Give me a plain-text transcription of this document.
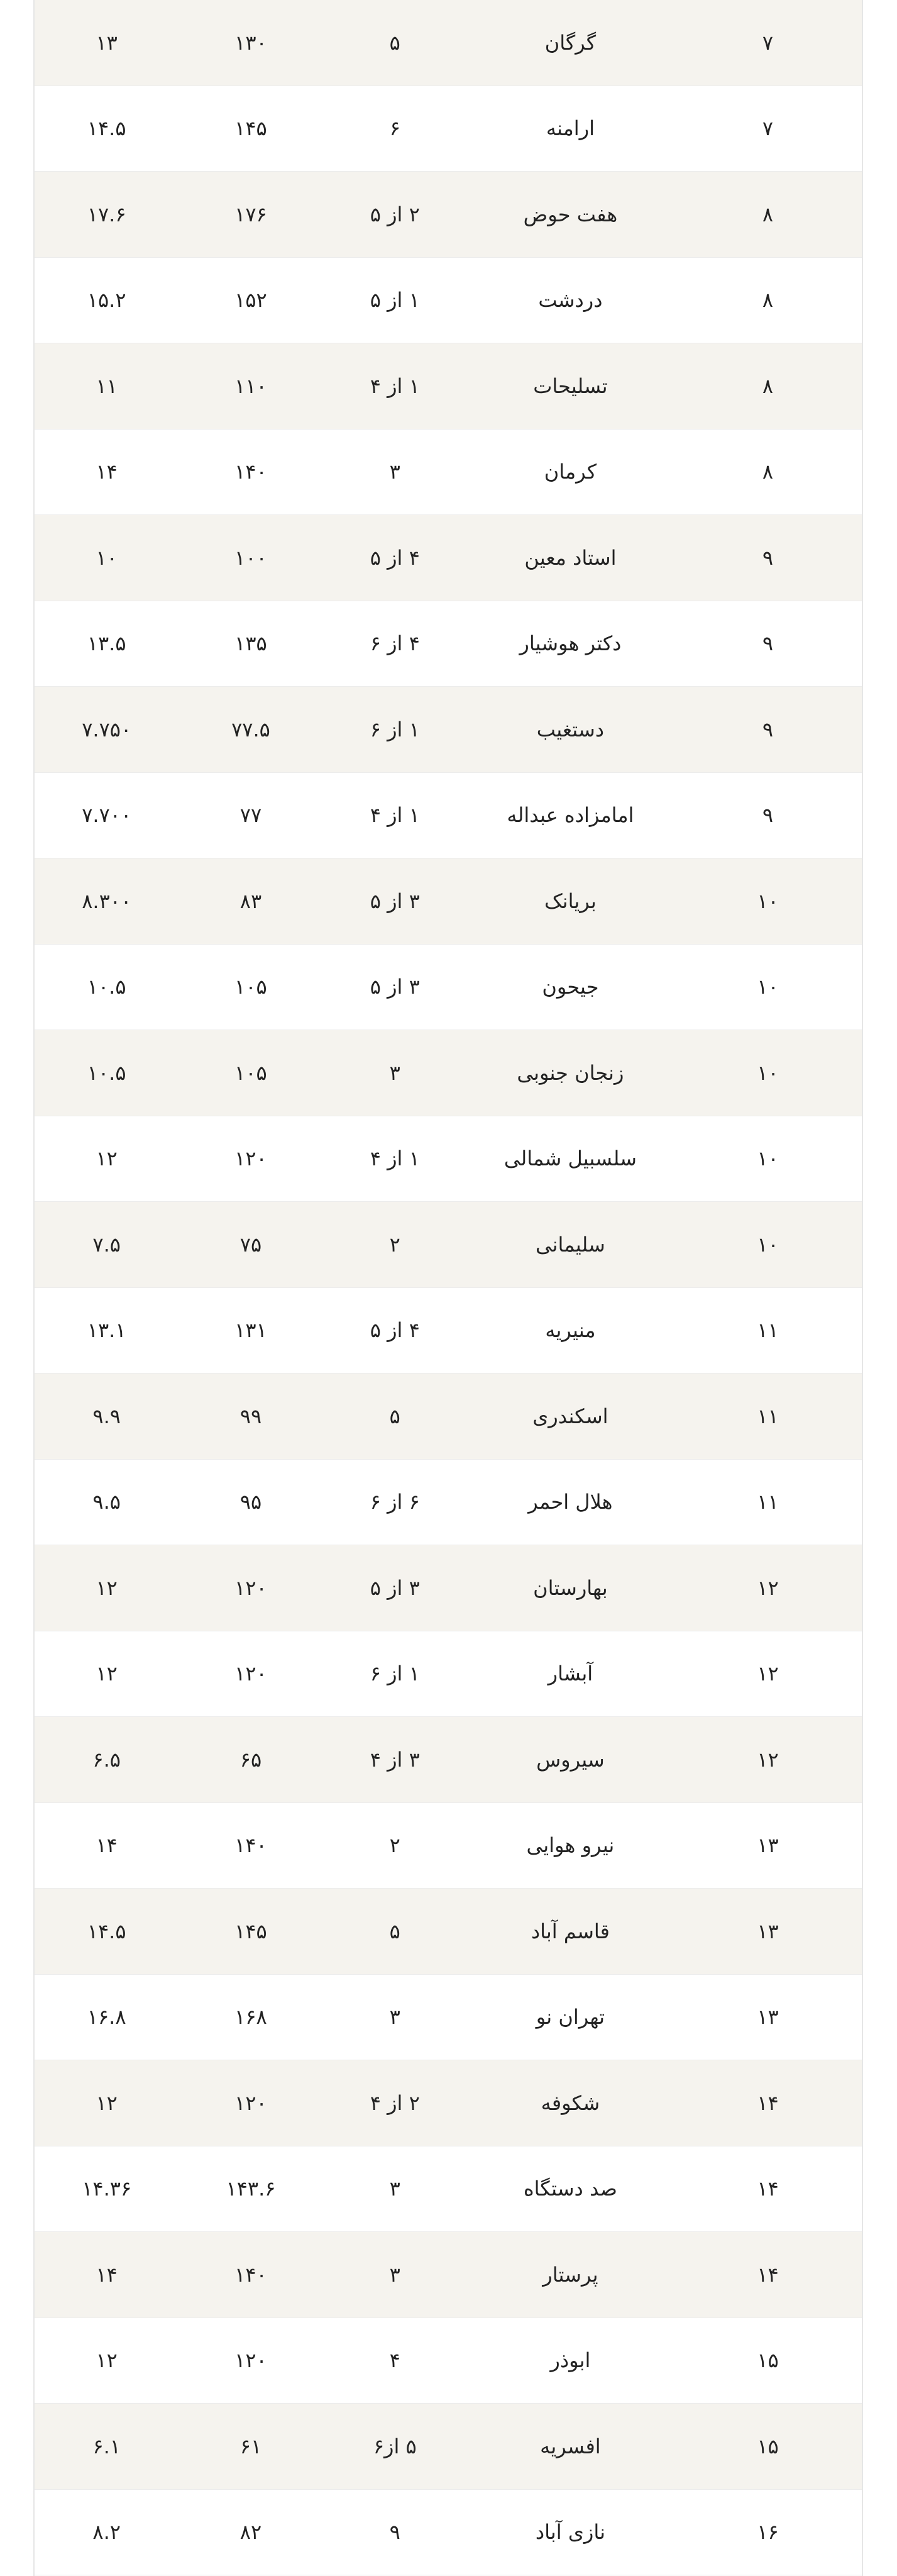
۷
گرگان
۵
۱۳۰
۱۳
۷
ارامنه
۶
۱۴۵
۱۴.۵
۸
هفت حوض
۲ از ۵
۱۷۶
۱۷.۶
۸
دردشت
۱ از ۵
۱۵۲
۱۵.۲
۸
تسلیحات
۱ از ۴
۱۱۰
۱۱
۸
کرمان
۳
۱۴۰
۱۴
۹
استاد معین
۴ از ۵
۱۰۰
۱۰
۹
دکتر هوشیار
۴ از ۶
۱۳۵
۱۳.۵
۹
دستغیب
۱ از ۶
۷۷.۵
۷.۷۵۰
۹
امامزاده عبداله
۱ از ۴
۷۷
۷.۷۰۰
۱۰
بریانک
۳ از ۵
۸۳
۸.۳۰۰
۱۰
جیحون
۳ از ۵
۱۰۵
۱۰.۵
۱۰
زنجان جنوبی
۳
۱۰۵
۱۰.۵
۱۰
سلسبیل شمالی
۱ از ۴
۱۲۰
۱۲
۱۰
سلیمانی
۲
۷۵
۷.۵
۱۱
منیریه
۴ از ۵
۱۳۱
۱۳.۱
۱۱
اسکندری
۵
۹۹
۹.۹
۱۱
هلال احمر
۶ از ۶
۹۵
۹.۵
۱۲
بهارستان
۳ از ۵
۱۲۰
۱۲
۱۲
آبشار
۱ از ۶
۱۲۰
۱۲
۱۲
سیروس
۳ از ۴
۶۵
۶.۵
۱۳
نیرو هوایی
۲
۱۴۰
۱۴
۱۳
قاسم آباد
۵
۱۴۵
۱۴.۵
۱۳
تهران نو
۳
۱۶۸
۱۶.۸
۱۴
شکوفه
۲ از ۴
۱۲۰
۱۲
۱۴
صد دستگاه
۳
۱۴۳.۶
۱۴.۳۶
۱۴
پرستار
۳
۱۴۰
۱۴
۱۵
ابوذر
۴
۱۲۰
۱۲
۱۵
افسریه
۵ از۶
۶۱
۶.۱
۱۶
نازی آباد
۹
۸۲
۸.۲
